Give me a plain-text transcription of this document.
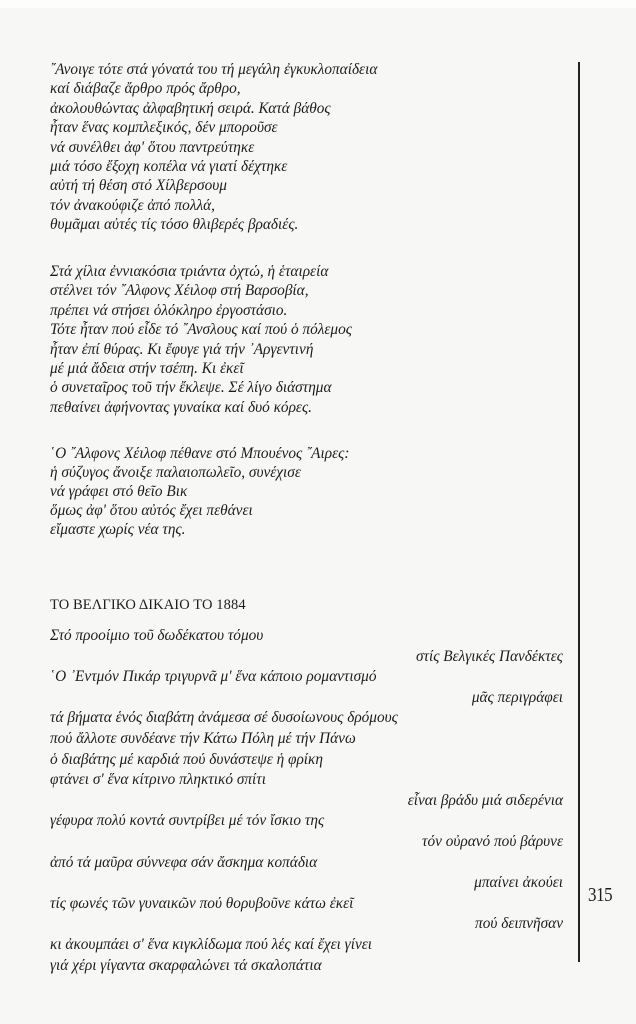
315
῎Ανοιγε τότε στά γόνατά του τή μεγάλη ἐγκυκλοπαίδεια
καί διάβαζε ἄρθρο πρός ἄρθρο,
ἀκολουθώντας ἀλφαβητική σειρά. Κατά βάθος
ἦταν ἕνας κομπλεξικός, δέν μποροῦσε
νά συνέλθει ἀφ' ὅτου παντρεύτηκε
μιά τόσο ἔξοχη κοπέλα νά γιατί δέχτηκε
αὐτή τή θέση στό Χίλβερσουμ
τόν ἀνακούφιζε ἀπό πολλά,
θυμᾶμαι αὐτές τίς τόσο θλιβερές βραδιές.
Στά χίλια ἐννιακόσια τριάντα ὀχτώ, ἡ ἑταιρεία
στέλνει τόν ῎Αλφονς Χέιλοφ στή Βαρσοβία,
πρέπει νά στήσει ὁλόκληρο ἐργοστάσιο.
Τότε ἦταν πού εἶδε τό ῎Ανσλους καί πού ὁ πόλεμος
ἦταν ἐπί θύρας. Κι ἔφυγε γιά τήν ᾽Αργεντινή
μέ μιά ἄδεια στήν τσέπη. Κι ἐκεῖ
ὁ συνεταῖρος τοῦ τήν ἔκλεψε. Σέ λίγο διάστημα
πεθαίνει ἀφήνοντας γυναίκα καί δυό κόρες.
῾Ο ῎Αλφονς Χέιλοφ πέθανε στό Μπουένος ῎Αιρες:
ἡ σύζυγος ἄνοιξε παλαιοπωλεῖο, συνέχισε
νά γράφει στό θεῖο Βικ
ὅμως ἀφ' ὅτου αὐτός ἔχει πεθάνει
εἴμαστε χωρίς νέα της.
ΤΟ ΒΕΛΓΙΚΟ ΔΙΚΑΙΟ ΤΟ 1884
Στό προοίμιο τοῦ δωδέκατου τόμου
στίς Βελγικές Πανδέκτες
῾Ο ᾽Εντμόν Πικάρ τριγυρνᾶ μ' ἕνα κάποιο ρομαντισμό
μᾶς περιγράφει
τά βήματα ἑνός διαβάτη ἀνάμεσα σέ δυσοίωνους δρόμους
πού ἄλλοτε συνδέανε τήν Κάτω Πόλη μέ τήν Πάνω
ὁ διαβάτης μέ καρδιά πού δυνάστεψε ἡ φρίκη
φτάνει σ' ἕνα κίτρινο πληκτικό σπίτι
εἶναι βράδυ μιά σιδερένια
γέφυρα πολύ κοντά συντρίβει μέ τόν ἴσκιο της
τόν οὐρανό πού βάρυνε
ἀπό τά μαῦρα σύννεφα σάν ἄσκημα κοπάδια
μπαίνει ἀκούει
τίς φωνές τῶν γυναικῶν πού θορυβοῦνε κάτω ἐκεῖ
πού δειπνῆσαν
κι ἀκουμπάει σ' ἕνα κιγκλίδωμα πού λές καί ἔχει γίνει
γιά χέρι γίγαντα σκαρφαλώνει τά σκαλοπάτια
